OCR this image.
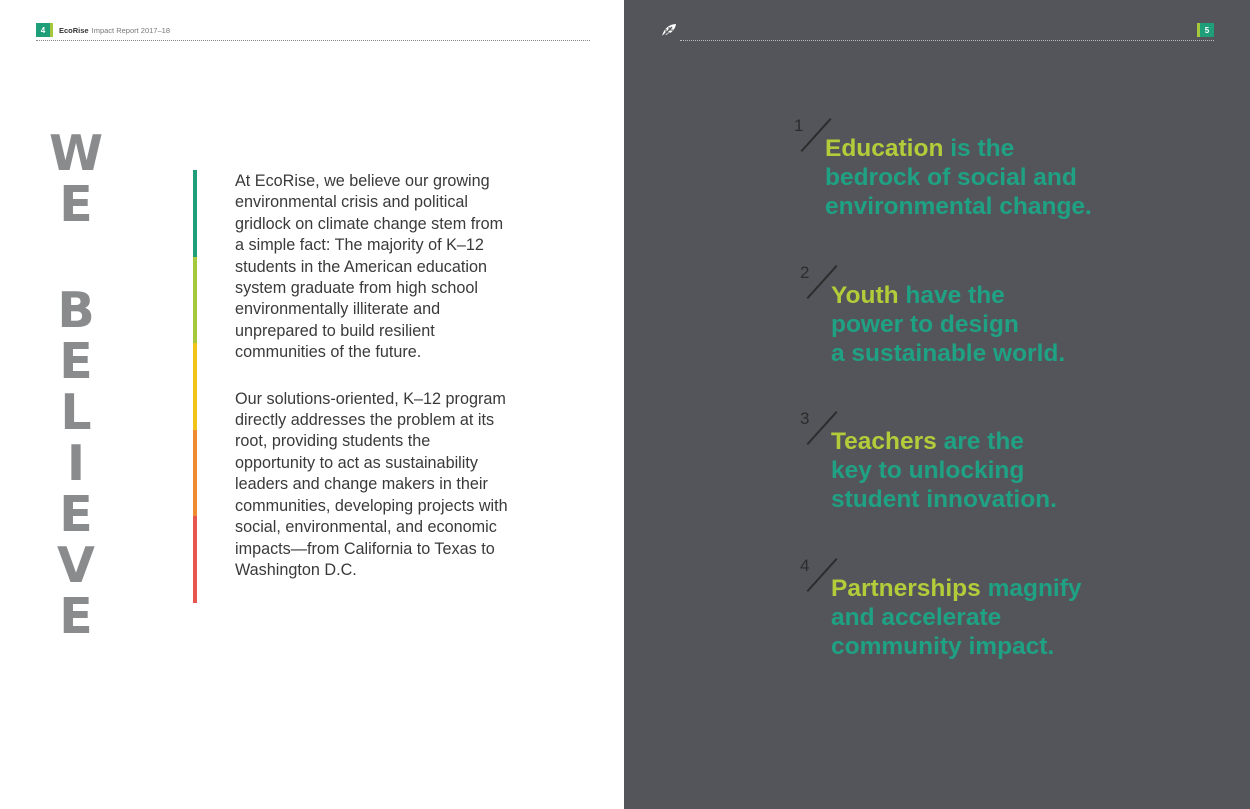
4	EcoRise Impact Report 2017–18
W
E
B
E
L
I
E
V
E

At EcoRise, we believe our growing environmental crisis and political gridlock on climate change stem from a simple fact: The majority of K–12 students in the American education system graduate from high school environmentally illiterate and unprepared to build resilient communities of the future.

Our solutions-oriented, K–12 program directly addresses the problem at its root, providing students the opportunity to act as sustainability leaders and change makers in their communities, developing projects with social, environmental, and economic impacts—from California to Texas to Washington D.C.

5
1
Education is the
bedrock of social and
environmental change.
2
Youth have the
power to design
a sustainable world.
3
Teachers are the
key to unlocking
student innovation.
4
Partnerships magnify
and accelerate
community impact.
